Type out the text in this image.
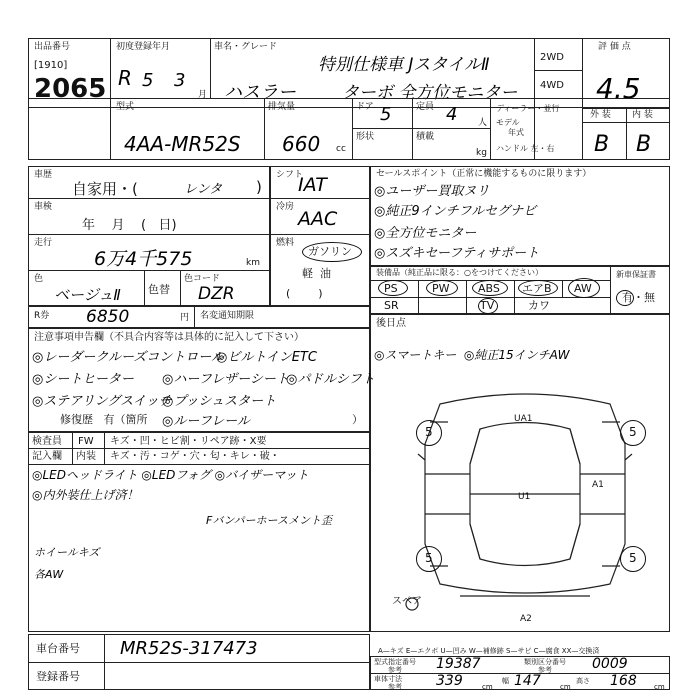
出品番号
[1910]
2065
初度登録年月
R 5 3
月
車名・グレード
特別仕様車 JスタイルⅡ
ハスラー	ターボ 全方位モニター
2WD
4WD
評 価 点
4.5
型式
4AA-MR52S
排気量
660 cc
ドア 5	定員 4 人
形状	積載
kg
ディーラー・並行
モデル
年式
ハンドル 左・右
外 装 内 装
B B
車歴
自家用・(	レンタ )
車検
年    月    (   日)
走行
6万4千575	km
色
ベージュⅡ 色替
色コード
DZR
シフト
IAT
冷房
AAC
燃料
ガソリン
軽  油
(        )
セールスポイント（正常に機能するものに限ります）
◎ユーザー買取ヌリ
◎純正9インチフルセグナビ
◎全方位モニター
◎スズキセーフティサポート
装備品（純正品に限る：○をつけてください）
PS	PW	ABS エアB AW
SR	TV	カワ
新車保証書
有・無
R券 6850	円 名変通知期限
注意事項申告欄（不具合内容等は具体的に記入して下さい）
◎レーダークルーズコントロール
◎ビルトインETC
◎シートヒーター ◎ハーフレザーシート
◎パドルシフト
◎ステアリングスイッチ
◎プッシュスタート
◎ルーフレール
修復歴   有（箇所	）
検査員
記入欄
FW キズ・凹・ヒビ割・リペア跡・X要
内装 キズ・汚・コゲ・穴・匂・キレ・破・
◎LEDヘッドライト ◎LEDフォグ ◎バイザーマット
◎内外装仕上げ済！
Fバンパーホースメント歪
ホイールキズ
各AW
後日点
◎スマートキー  ◎純正15インチAW
5	5
5	5
UA1
A1
U1
A2
スペア
A—キズ E—エクボ U—凹み W—補修跡 S—サビ C—腐食 XX—交換済
車台番号 MR52S-317473
登録番号
型式指定番号
参考 19387	類別区分番号
参考	0009
車体寸法
参考 339	cm
幅 147	cm
高さ 168 cm
